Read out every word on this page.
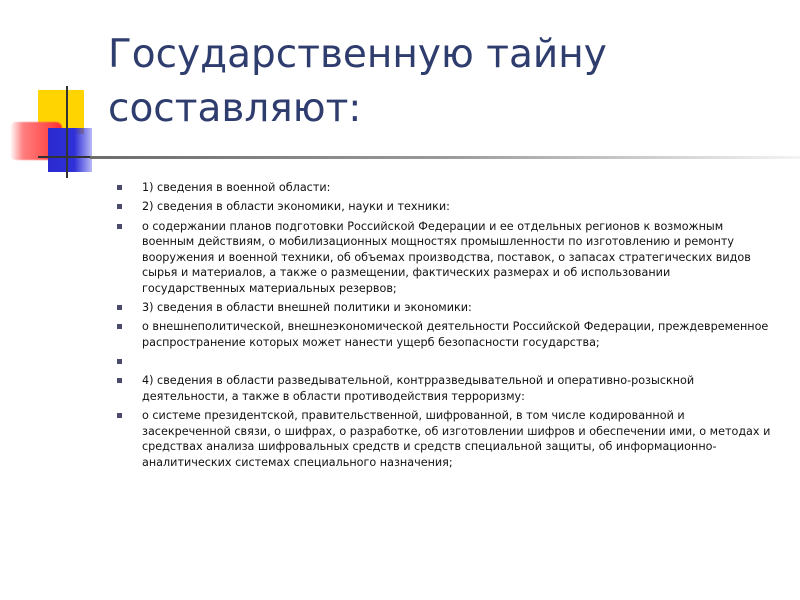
Государственную тайну составляют:
1) сведения в военной области:
2) сведения в области экономики, науки и техники:
о содержании планов подготовки Российской Федерации и ее отдельных регионов к возможным военным действиям, о мобилизационных мощностях промышленности по изготовлению и ремонту вооружения и военной техники, об объемах производства, поставок, о запасах стратегических видов сырья и материалов, а также о размещении, фактических размерах и об использовании государственных материальных резервов;
3) сведения в области внешней политики и экономики:
о внешнеполитической, внешнеэкономической деятельности Российской Федерации, преждевременное распространение которых может нанести ущерб безопасности государства;
4) сведения в области разведывательной, контрразведывательной и оперативно-розыскной деятельности, а также в области противодействия терроризму:
о системе президентской, правительственной, шифрованной, в том числе кодированной и засекреченной связи, о шифрах, о разработке, об изготовлении шифров и обеспечении ими, о методах и средствах анализа шифровальных средств и средств специальной защиты, об информационно-аналитических системах специального назначения;
